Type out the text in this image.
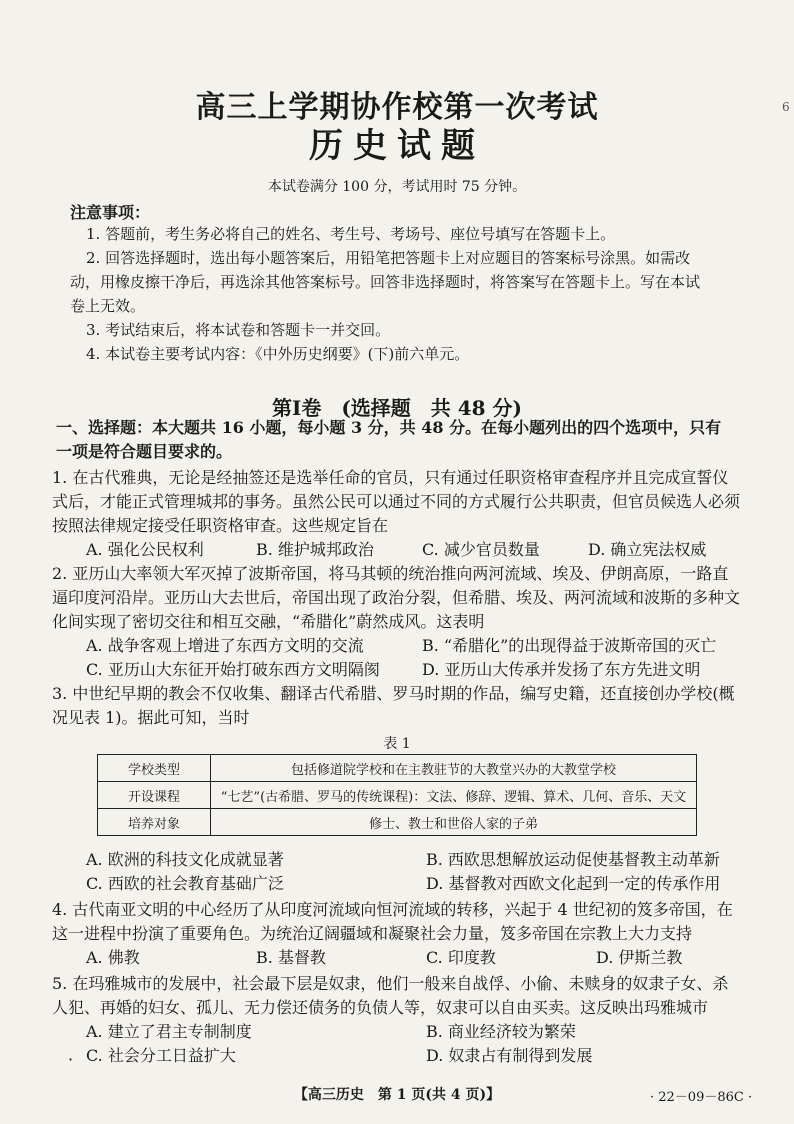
高三上学期协作校第一次考试
历史试题
6
本试卷满分 100 分，考试用时 75 分钟。
注意事项：
1. 答题前，考生务必将自己的姓名、考生号、考场号、座位号填写在答题卡上。
2. 回答选择题时，选出每小题答案后，用铅笔把答题卡上对应题目的答案标号涂黑。如需改动，用橡皮擦干净后，再选涂其他答案标号。回答非选择题时，将答案写在答题卡上。写在本试卷上无效。
3. 考试结束后，将本试卷和答题卡一并交回。
4. 本试卷主要考试内容：《中外历史纲要》(下)前六单元。
第Ⅰ卷　(选择题　共 48 分)
一、选择题：本大题共 16 小题，每小题 3 分，共 48 分。在每小题列出的四个选项中，只有一项是符合题目要求的。
1. 在古代雅典，无论是经抽签还是选举任命的官员，只有通过任职资格审查程序并且完成宣誓仪式后，才能正式管理城邦的事务。虽然公民可以通过不同的方式履行公共职责，但官员候选人必须按照法律规定接受任职资格审查。这些规定旨在
A. 强化公民权利	B. 维护城邦政治	C. 减少官员数量	D. 确立宪法权威
2. 亚历山大率领大军灭掉了波斯帝国，将马其顿的统治推向两河流域、埃及、伊朗高原，一路直逼印度河沿岸。亚历山大去世后，帝国出现了政治分裂，但希腊、埃及、两河流域和波斯的多种文化间实现了密切交往和相互交融，“希腊化”蔚然成风。这表明
A. 战争客观上增进了东西方文明的交流	B. “希腊化”的出现得益于波斯帝国的灭亡
C. 亚历山大东征开始打破东西方文明隔阂	D. 亚历山大传承并发扬了东方先进文明
3. 中世纪早期的教会不仅收集、翻译古代希腊、罗马时期的作品，编写史籍，还直接创办学校(概况见表 1)。据此可知，当时
表 1
学校类型	包括修道院学校和在主教驻节的大教堂兴办的大教堂学校
开设课程	“七艺”(古希腊、罗马的传统课程)：文法、修辞、逻辑、算术、几何、音乐、天文
培养对象	修士、教士和世俗人家的子弟
A. 欧洲的科技文化成就显著	B. 西欧思想解放运动促使基督教主动革新
C. 西欧的社会教育基础广泛	D. 基督教对西欧文化起到一定的传承作用
4. 古代南亚文明的中心经历了从印度河流域向恒河流域的转移，兴起于 4 世纪初的笈多帝国，在这一进程中扮演了重要角色。为统治辽阔疆域和凝聚社会力量，笈多帝国在宗教上大力支持
A. 佛教	B. 基督教	C. 印度教	D. 伊斯兰教
5. 在玛雅城市的发展中，社会最下层是奴隶，他们一般来自战俘、小偷、未赎身的奴隶子女、杀人犯、再婚的妇女、孤儿、无力偿还债务的负债人等，奴隶可以自由买卖。这反映出玛雅城市
A. 建立了君主专制制度	B. 商业经济较为繁荣
C. 社会分工日益扩大	D. 奴隶占有制得到发展
·
【高三历史　第 1 页(共 4 页)】	· 22－09－86C ·
